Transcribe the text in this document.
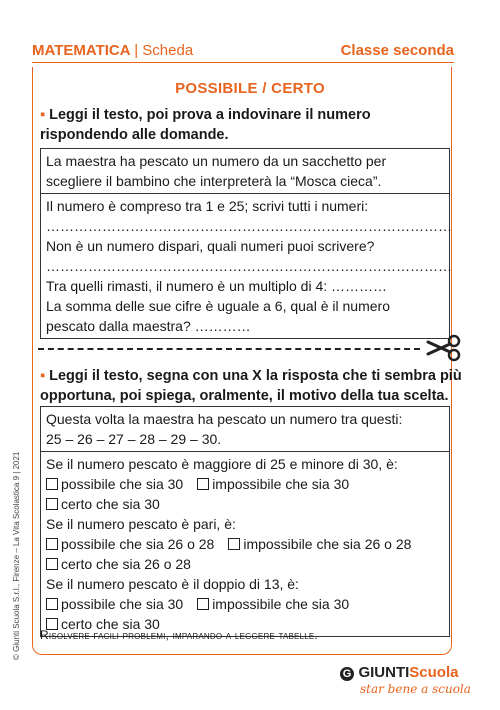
MATEMATICA | Scheda	Classe seconda
POSSIBILE / CERTO
▪ Leggi il testo, poi prova a indovinare il numero rispondendo alle domande.
La maestra ha pescato un numero da un sacchetto per
scegliere il bambino che interpreterà la “Mosca cieca”.
Il numero è compreso tra 1 e 25; scrivi tutti i numeri:
……………………………………………………………………………
Non è un numero dispari, quali numeri puoi scrivere?
……………………………………………………………………………
Tra quelli rimasti, il numero è un multiplo di 4: …………
La somma delle sue cifre è uguale a 6, qual è il numero
pescato dalla maestra? …………
▪ Leggi il testo, segna con una X la risposta che ti sembra più
opportuna, poi spiega, oralmente, il motivo della tua scelta.
Questa volta la maestra ha pescato un numero tra questi:
25 – 26 – 27 – 28 – 29 – 30.
Se il numero pescato è maggiore di 25 e minore di 30, è:
possibile che sia 30 impossibile che sia 30
certo che sia 30
Se il numero pescato è pari, è:
possibile che sia 26 o 28 impossibile che sia 26 o 28
certo che sia 26 o 28
Se il numero pescato è il doppio di 13, è:
possibile che sia 30 impossibile che sia 30
certo che sia 30
Risolvere facili problemi, imparando a leggere tabelle.
© Giunti Scuola S.r.l., Firenze – La Vita Scolastica 9 | 2021
G GIUNTIScuola
star bene a scuola
